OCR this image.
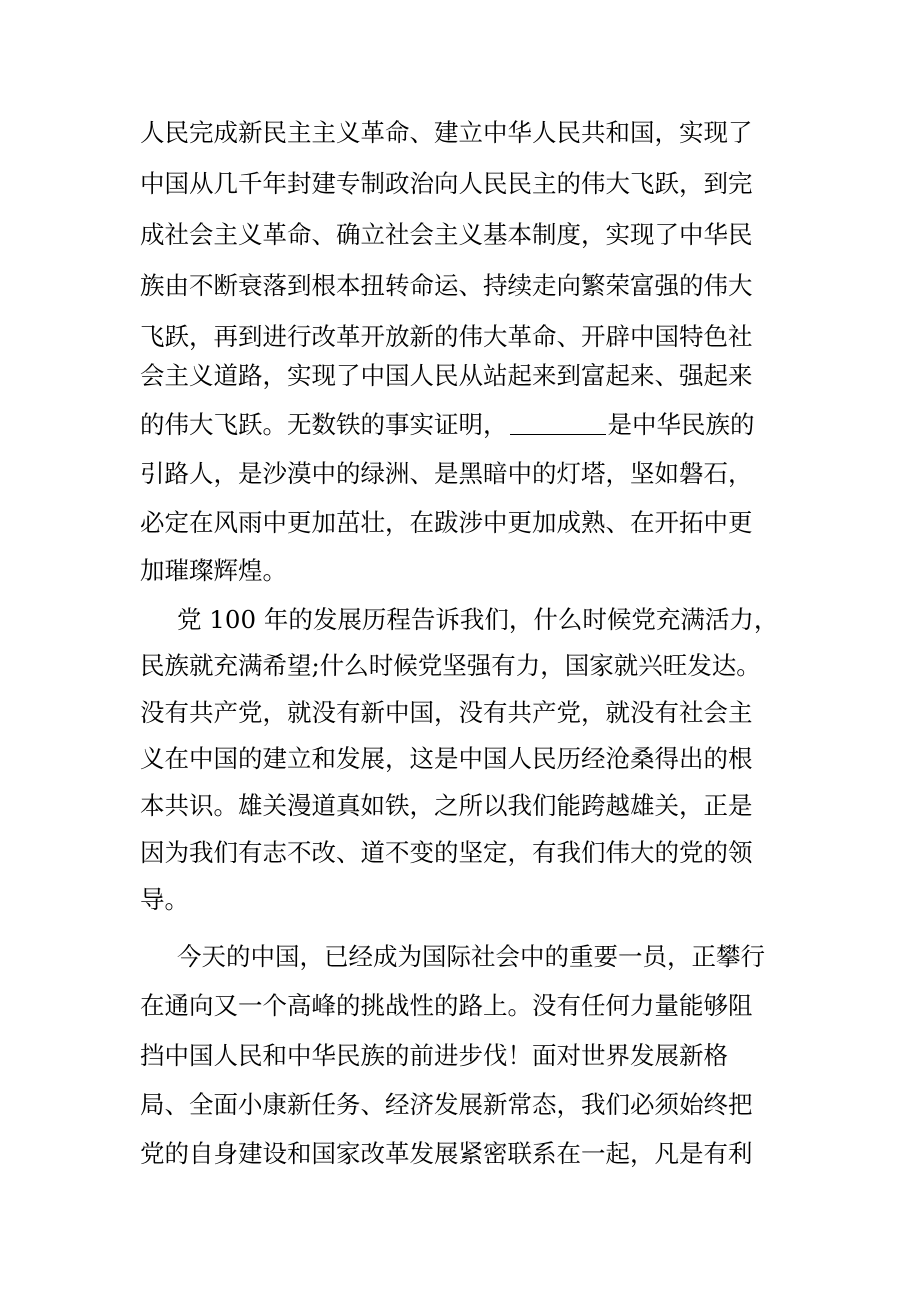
人民完成新民主主义革命、建立中华人民共和国，实现了
中国从几千年封建专制政治向人民民主的伟大飞跃，到完
成社会主义革命、确立社会主义基本制度，实现了中华民
族由不断衰落到根本扭转命运、持续走向繁荣富强的伟大
飞跃，再到进行改革开放新的伟大革命、开辟中国特色社
会主义道路，实现了中国人民从站起来到富起来、强起来
的伟大飞跃。无数铁的事实证明，	是中华民族的
引路人，是沙漠中的绿洲、是黑暗中的灯塔，坚如磐石，
必定在风雨中更加茁壮，在跋涉中更加成熟、在开拓中更
加璀璨辉煌。
党 100 年的发展历程告诉我们，什么时候党充满活力，
民族就充满希望;什么时候党坚强有力，国家就兴旺发达。
没有共产党，就没有新中国，没有共产党，就没有社会主
义在中国的建立和发展，这是中国人民历经沧桑得出的根
本共识。雄关漫道真如铁，之所以我们能跨越雄关，正是
因为我们有志不改、道不变的坚定，有我们伟大的党的领
导。
今天的中国，已经成为国际社会中的重要一员，正攀行
在通向又一个高峰的挑战性的路上。没有任何力量能够阻
挡中国人民和中华民族的前进步伐！面对世界发展新格
局、全面小康新任务、经济发展新常态，我们必须始终把
党的自身建设和国家改革发展紧密联系在一起，凡是有利
